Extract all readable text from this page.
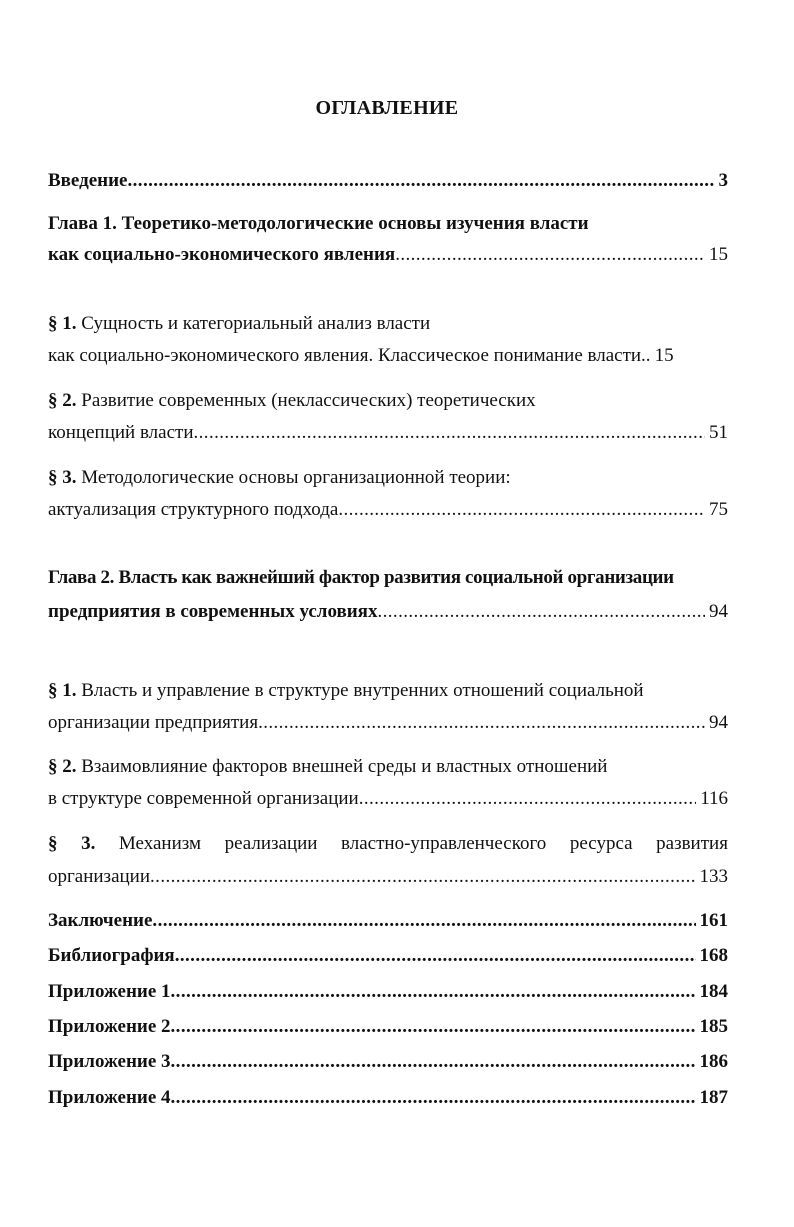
ОГЛАВЛЕНИЕ
Введение .....	3
Глава 1. Теоретико-методологические основы изучения власти
как социально-экономического явления .....	15
§ 1. Сущность и категориальный анализ власти
как социально-экономического явления. Классическое понимание власти.. 15
§ 2. Развитие современных (неклассических) теоретических
концепций власти .....	51
§ 3. Методологические основы организационной теории:
актуализация структурного подхода .....	75
Глава 2. Власть как важнейший фактор развития социальной организации
предприятия в современных условиях .....	94
§ 1. Власть и управление в структуре внутренних отношений социальной
организации предприятия .....	94
§ 2. Взаимовлияние факторов внешней среды и властных отношений
в структуре современной организации .....	116
§ 3. Механизм реализации властно-управленческого ресурса развития
организации .....	133
Заключение .....	161
Библиография .....	168
Приложение 1 .....	184
Приложение 2 .....	185
Приложение 3 .....	186
Приложение 4 .....	187
